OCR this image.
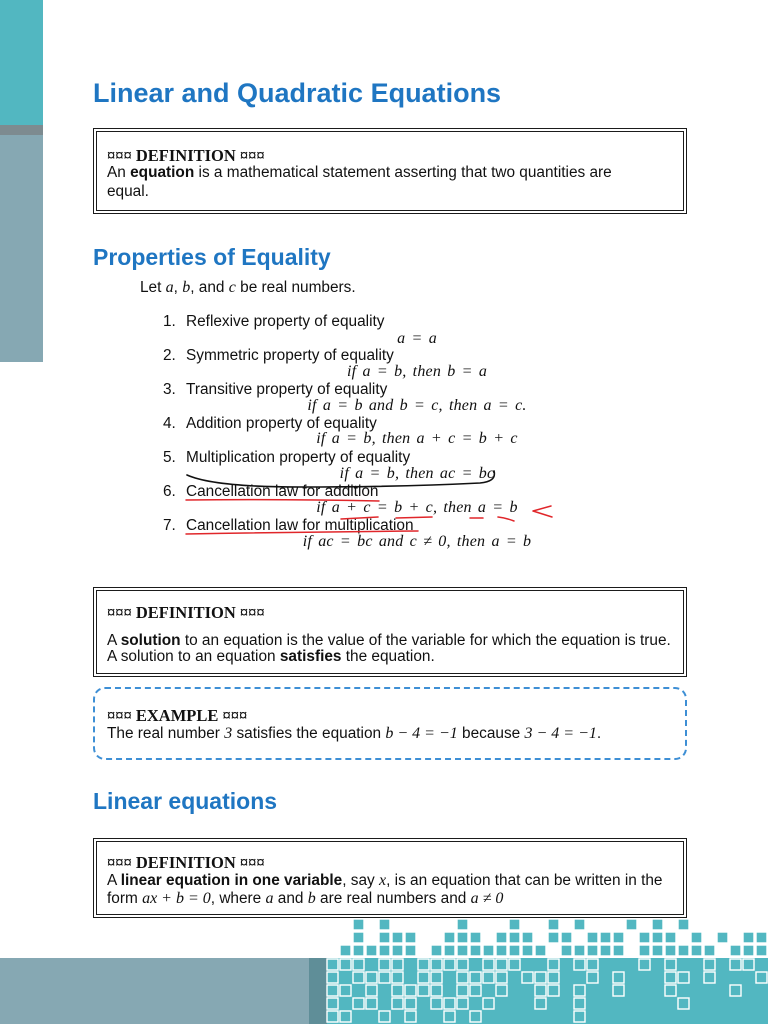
Linear and Quadratic Equations
¤¤¤ DEFINITION ¤¤¤
An equation is a mathematical statement asserting that two quantities are
equal.
Properties of Equality
Let a, b, and c be real numbers.
1. Reflexive property of equality
a = a
2. Symmetric property of equality
if a = b, then b = a
3. Transitive property of equality
if a = b and b = c, then a = c.
4. Addition property of equality
if a = b, then a + c = b + c
5. Multiplication property of equality
if a = b, then ac = bc
6. Cancellation law for addition
if a + c = b + c, then a = b
7. Cancellation law for multiplication
if ac = bc and c ≠ 0, then a = b
¤¤¤ DEFINITION ¤¤¤
A solution to an equation is the value of the variable for which the equation is true.
A solution to an equation satisfies the equation.
¤¤¤ EXAMPLE ¤¤¤
The real number 3 satisfies the equation b − 4 = −1 because 3 − 4 = −1.
Linear equations
¤¤¤ DEFINITION ¤¤¤
A linear equation in one variable, say x, is an equation that can be written in the
form ax + b = 0, where a and b are real numbers and a ≠ 0
